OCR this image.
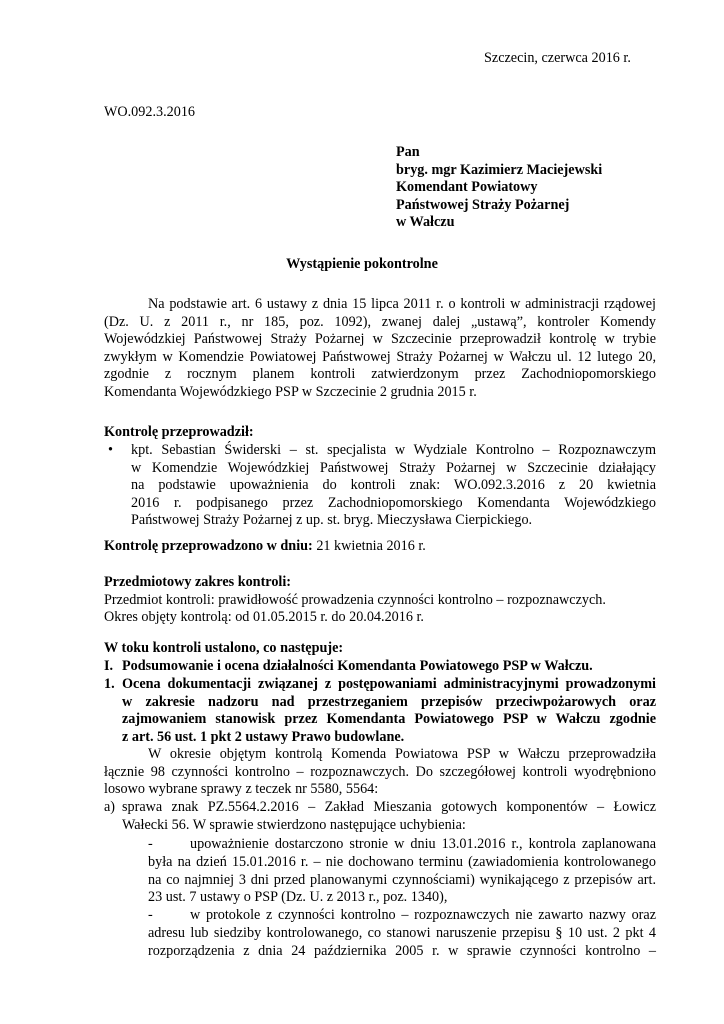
Szczecin, czerwca 2016 r.
WO.092.3.2016
Pan
bryg. mgr Kazimierz Maciejewski
Komendant Powiatowy
Państwowej Straży Pożarnej
w Wałczu
Wystąpienie pokontrolne
Na podstawie art. 6 ustawy z dnia 15 lipca 2011 r. o kontroli w administracji rządowej
(Dz. U. z 2011 r., nr 185, poz. 1092), zwanej dalej „ustawą”, kontroler Komendy
Wojewódzkiej Państwowej Straży Pożarnej w Szczecinie przeprowadził kontrolę w trybie
zwykłym w Komendzie Powiatowej Państwowej Straży Pożarnej w Wałczu ul. 12 lutego 20,
zgodnie z rocznym planem kontroli zatwierdzonym przez Zachodniopomorskiego
Komendanta Wojewódzkiego PSP w Szczecinie 2 grudnia 2015 r.
Kontrolę przeprowadził:
• kpt. Sebastian Świderski – st. specjalista w Wydziale Kontrolno – Rozpoznawczym
w Komendzie Wojewódzkiej Państwowej Straży Pożarnej w Szczecinie działający
na podstawie upoważnienia do kontroli znak: WO.092.3.2016 z 20 kwietnia
2016 r. podpisanego przez Zachodniopomorskiego Komendanta Wojewódzkiego
Państwowej Straży Pożarnej z up. st. bryg. Mieczysława Cierpickiego.
Kontrolę przeprowadzono w dniu: 21 kwietnia 2016 r.
Przedmiotowy zakres kontroli:
Przedmiot kontroli: prawidłowość prowadzenia czynności kontrolno – rozpoznawczych.
Okres objęty kontrolą: od 01.05.2015 r. do 20.04.2016 r.
W toku kontroli ustalono, co następuje:
I. Podsumowanie i ocena działalności Komendanta Powiatowego PSP w Wałczu.
1. Ocena dokumentacji związanej z postępowaniami administracyjnymi prowadzonymi
w zakresie nadzoru nad przestrzeganiem przepisów przeciwpożarowych oraz
zajmowaniem stanowisk przez Komendanta Powiatowego PSP w Wałczu zgodnie
z art. 56 ust. 1 pkt 2 ustawy Prawo budowlane.
W okresie objętym kontrolą Komenda Powiatowa PSP w Wałczu przeprowadziła
łącznie 98 czynności kontrolno – rozpoznawczych. Do szczegółowej kontroli wyodrębniono
losowo wybrane sprawy z teczek nr 5580, 5564:
a) sprawa znak PZ.5564.2.2016 – Zakład Mieszania gotowych komponentów – Łowicz
Wałecki 56. W sprawie stwierdzono następujące uchybienia:
-	upoważnienie dostarczono stronie w dniu 13.01.2016 r., kontrola zaplanowana
była na dzień 15.01.2016 r. – nie dochowano terminu (zawiadomienia kontrolowanego
na co najmniej 3 dni przed planowanymi czynnościami) wynikającego z przepisów art.
23 ust. 7 ustawy o PSP (Dz. U. z 2013 r., poz. 1340),
-	w protokole z czynności kontrolno – rozpoznawczych nie zawarto nazwy oraz
adresu lub siedziby kontrolowanego, co stanowi naruszenie przepisu § 10 ust. 2 pkt 4
rozporządzenia z dnia 24 października 2005 r. w sprawie czynności kontrolno –
